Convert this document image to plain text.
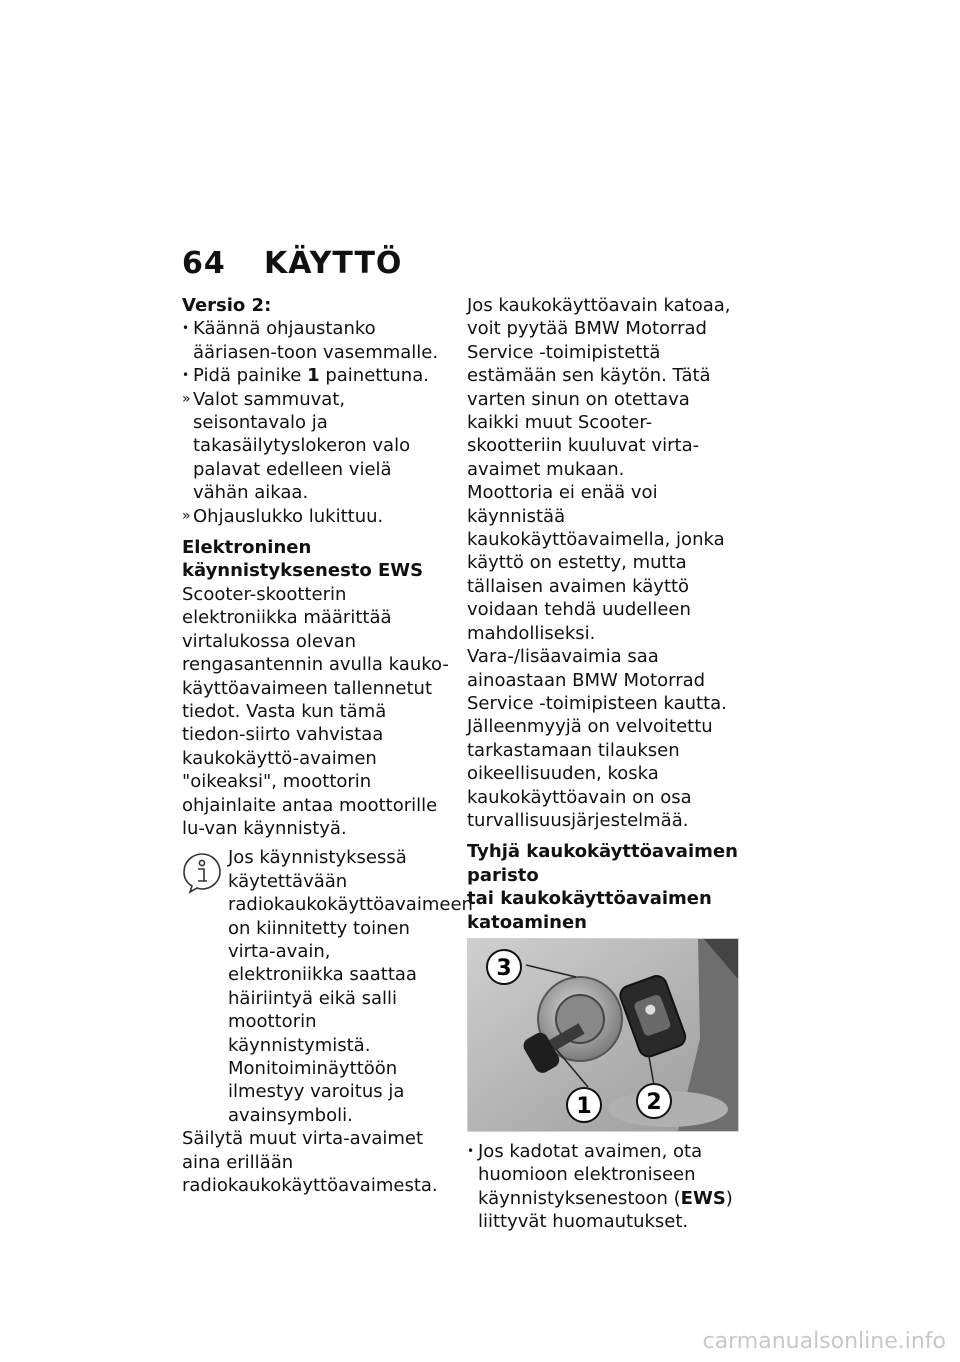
64 KÄYTTÖ
Versio 2:
• Käännä ohjaustanko ääriasen-toon vasemmalle.
• Pidä painike 1 painettuna.
» Valot sammuvat, seisontavalo ja takasäilytyslokeron valo palavat edelleen vielä vähän aikaa.
» Ohjauslukko lukittuu.
Elektroninen käynnistyksenesto EWS
Scooter-skootterin elektroniikka määrittää virtalukossa olevan rengasantennin avulla kauko-käyttöavaimeen tallennetut tiedot. Vasta kun tämä tiedon-siirto vahvistaa kaukokäyttö-avaimen "oikeaksi", moottorin ohjainlaite antaa moottorille lu-van käynnistyä.
Jos käynnistyksessä käytettävään radiokaukokäyttöavaimeen on kiinnitetty toinen virta-avain, elektroniikka saattaa häiriintyä eikä salli moottorin käynnistymistä. Monitoiminäyttöön ilmestyy varoitus ja avainsymboli.
Säilytä muut virta-avaimet aina erillään radiokaukokäyttöavaimesta.
Jos kaukokäyttöavain katoaa, voit pyytää BMW Motorrad Service -toimipistettä estämään sen käytön. Tätä varten sinun on otettava kaikki muut Scooter-skootteriin kuuluvat virta-avaimet mukaan.
Moottoria ei enää voi käynnistää kaukokäyttöavaimella, jonka käyttö on estetty, mutta tällaisen avaimen käyttö voidaan tehdä uudelleen mahdolliseksi.
Vara-/lisäavaimia saa ainoastaan BMW Motorrad Service -toimipisteen kautta. Jälleenmyyjä on velvoitettu tarkastamaan tilauksen oikeellisuuden, koska kaukokäyttöavain on osa turvallisuusjärjestelmää.
Tyhjä kaukokäyttöavaimen paristo
tai kaukokäyttöavaimen katoaminen
3
1 2
• Jos kadotat avaimen, ota huomioon elektroniseen käynnistyksenestoon (EWS) liittyvät huomautukset.
carmanualsonline.info
